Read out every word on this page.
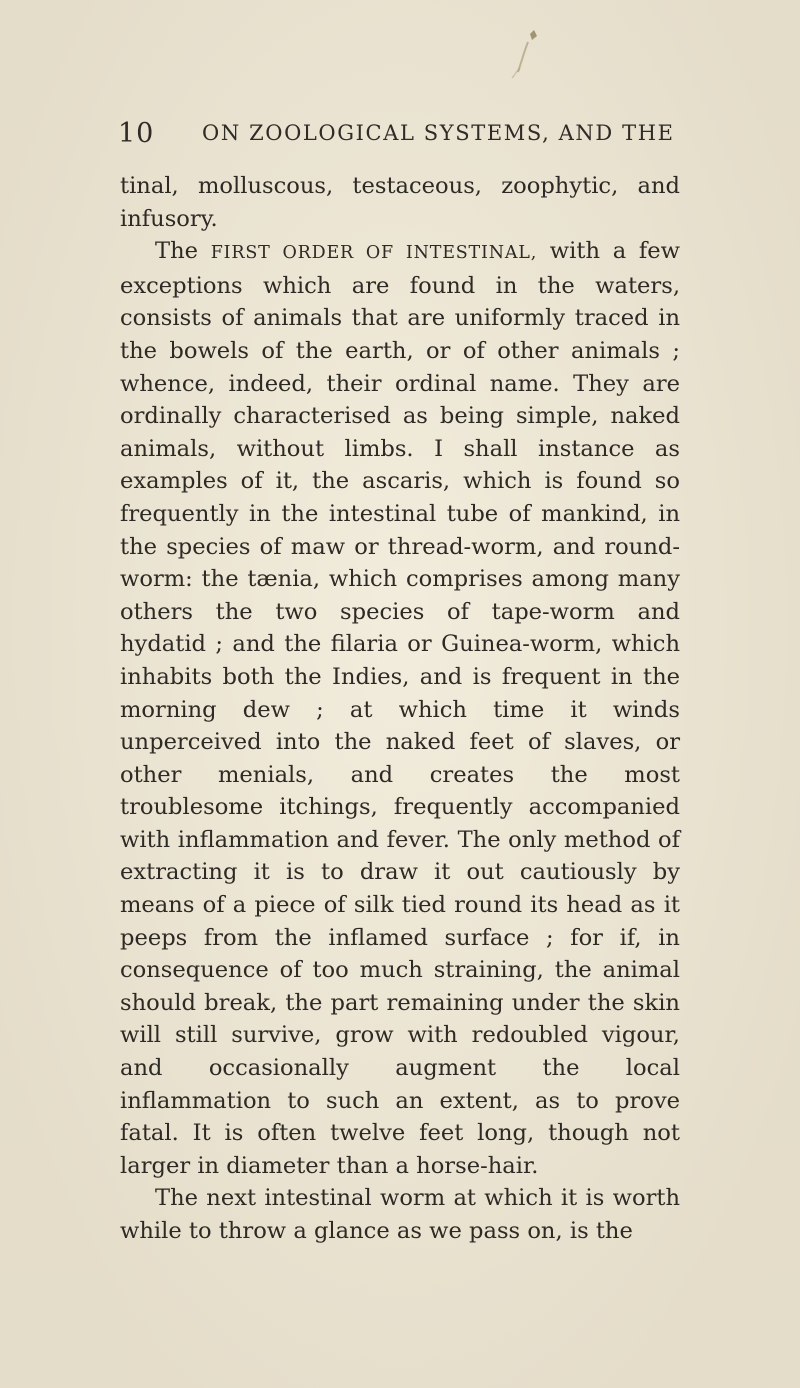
10 ON ZOOLOGICAL SYSTEMS, AND THE

tinal, molluscous, testaceous, zoophytic, and infusory.

The FIRST ORDER OF INTESTINAL, with a few exceptions which are found in the waters, consists of animals that are uniformly traced in the bowels of the earth, or of other animals ; whence, indeed, their ordinal name. They are ordinally characterised as being simple, naked animals, without limbs. I shall instance as examples of it, the ascaris, which is found so frequently in the intestinal tube of mankind, in the species of maw or thread-worm, and round-worm: the tænia, which comprises among many others the two species of tape-worm and hydatid ; and the filaria or Guinea-worm, which inhabits both the Indies, and is frequent in the morning dew ; at which time it winds unperceived into the naked feet of slaves, or other menials, and creates the most troublesome itchings, frequently accompanied with inflammation and fever. The only method of extracting it is to draw it out cautiously by means of a piece of silk tied round its head as it peeps from the inflamed surface ; for if, in consequence of too much straining, the animal should break, the part remaining under the skin will still survive, grow with redoubled vigour, and occasionally augment the local inflammation to such an extent, as to prove fatal. It is often twelve feet long, though not larger in diameter than a horse-hair.

The next intestinal worm at which it is worth while to throw a glance as we pass on, is the
